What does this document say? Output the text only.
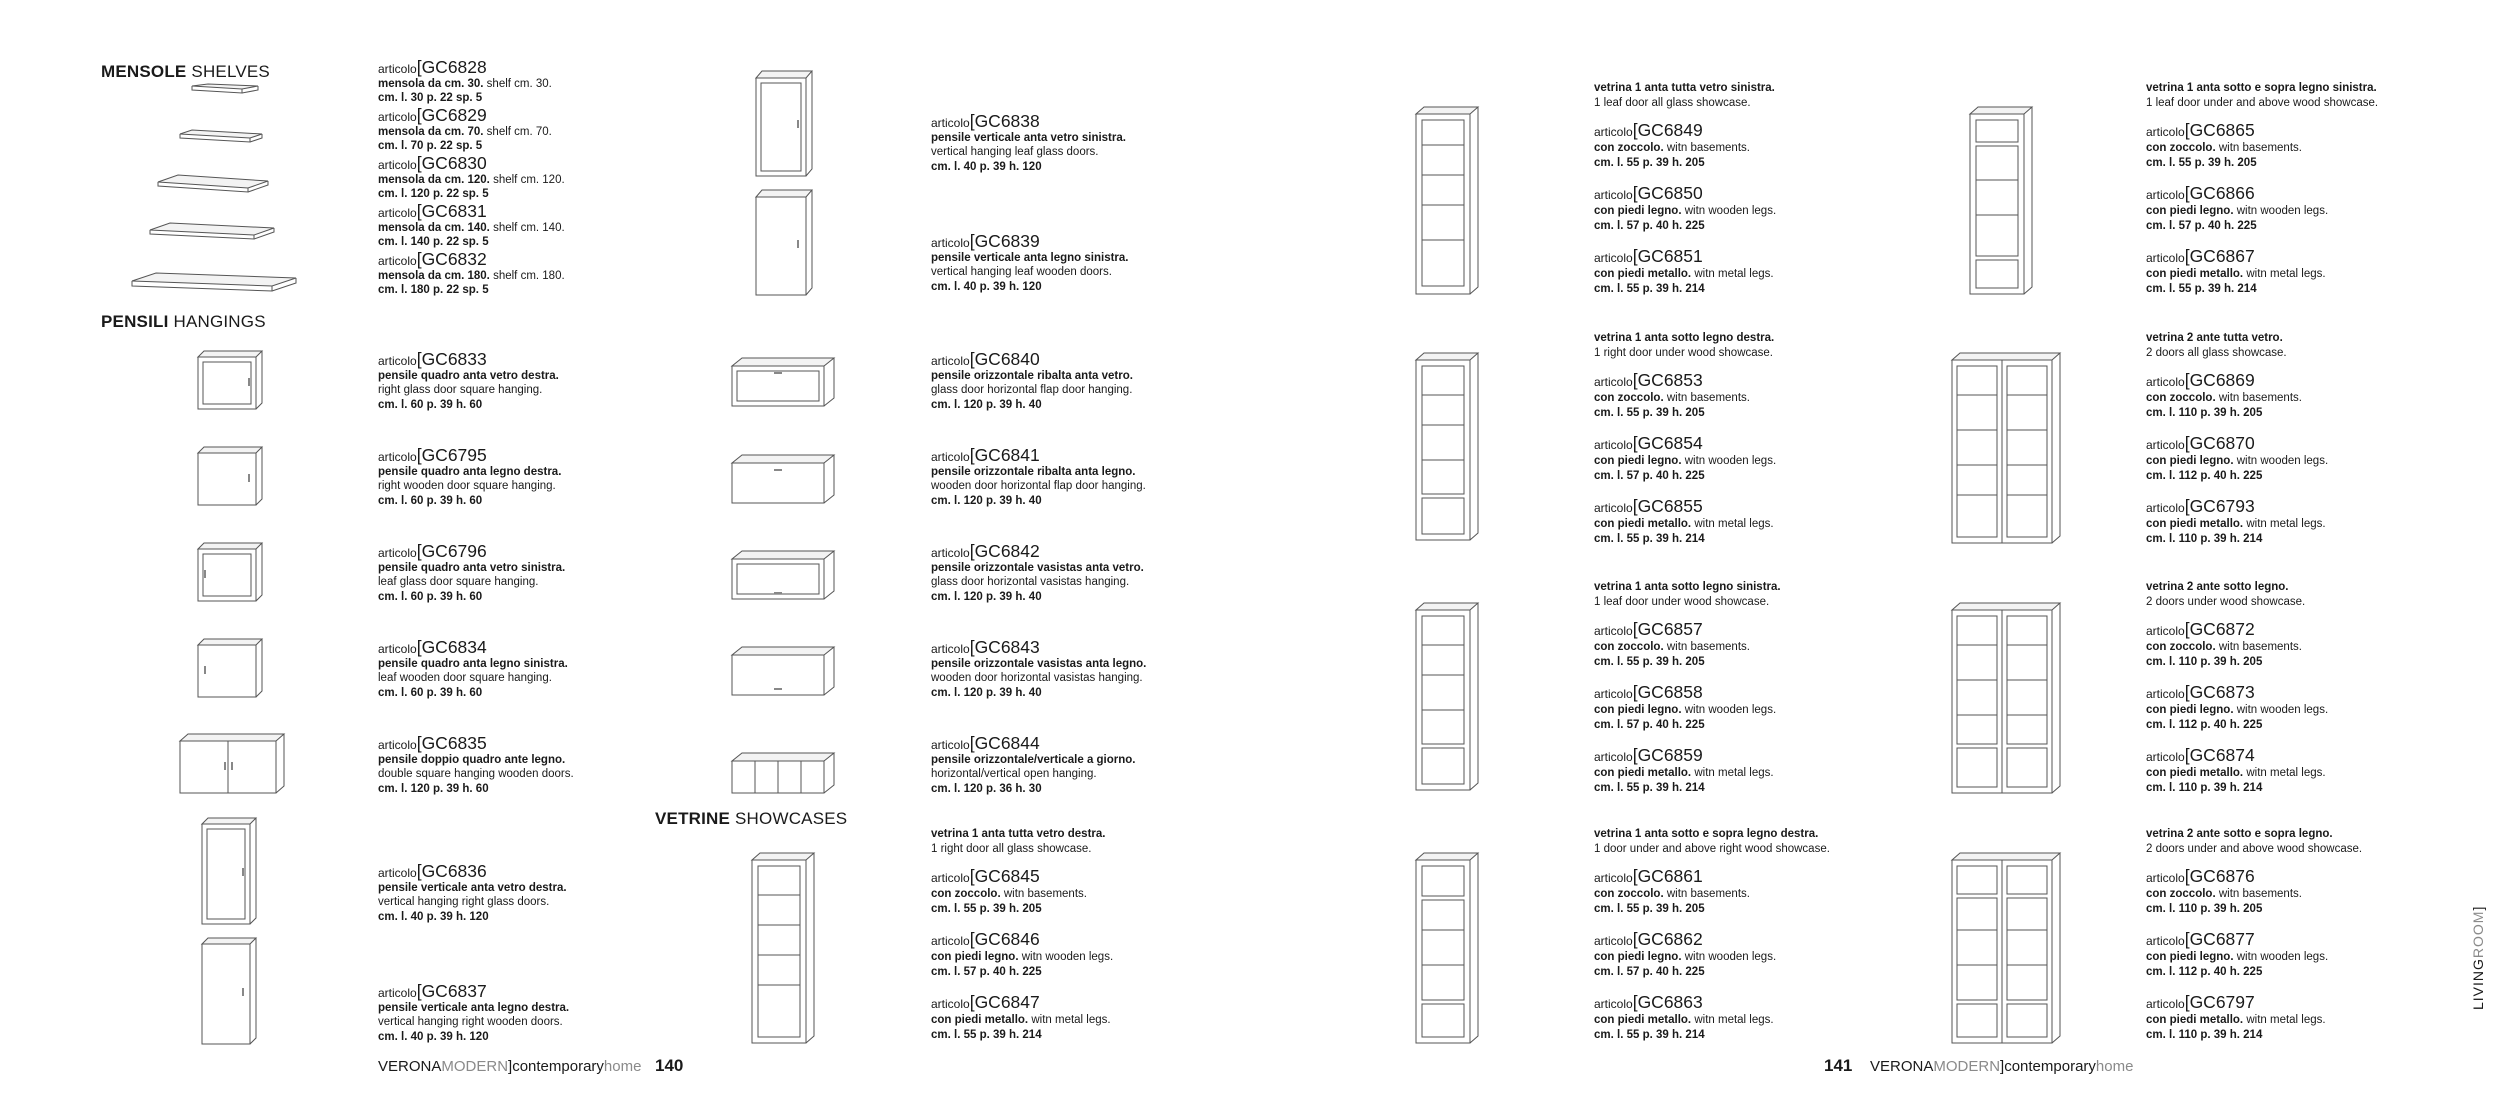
MENSOLE SHELVES
PENSILI HANGINGS
VETRINE SHOWCASES
articolo[GC6828
mensola da cm. 30. shelf cm. 30.
cm. l. 30 p. 22 sp. 5
articolo[GC6829
mensola da cm. 70. shelf cm. 70.
cm. l. 70 p. 22 sp. 5
articolo[GC6830
mensola da cm. 120. shelf cm. 120.
cm. l. 120 p. 22 sp. 5
articolo[GC6831
mensola da cm. 140. shelf cm. 140.
cm. l. 140 p. 22 sp. 5
articolo[GC6832
mensola da cm. 180. shelf cm. 180.
cm. l. 180 p. 22 sp. 5
articolo[GC6833
pensile quadro anta vetro destra.
right glass door square hanging.
cm. l. 60 p. 39 h. 60
articolo[GC6795
pensile quadro anta legno destra.
right wooden door square hanging.
cm. l. 60 p. 39 h. 60
articolo[GC6796
pensile quadro anta vetro sinistra.
leaf glass door square hanging.
cm. l. 60 p. 39 h. 60
articolo[GC6834
pensile quadro anta legno sinistra.
leaf wooden door square hanging.
cm. l. 60 p. 39 h. 60
articolo[GC6835
pensile doppio quadro ante legno.
double square hanging wooden doors.
cm. l. 120 p. 39 h. 60
articolo[GC6836
pensile verticale anta vetro destra.
vertical hanging right glass doors.
cm. l. 40 p. 39 h. 120
articolo[GC6837
pensile verticale anta legno destra.
vertical hanging right wooden doors.
cm. l. 40 p. 39 h. 120
articolo[GC6838
pensile verticale anta vetro sinistra.
vertical hanging leaf glass doors.
cm. l. 40 p. 39 h. 120
articolo[GC6839
pensile verticale anta legno sinistra.
vertical hanging leaf wooden doors.
cm. l. 40 p. 39 h. 120
articolo[GC6840
pensile orizzontale ribalta anta vetro.
glass door horizontal flap door hanging.
cm. l. 120 p. 39 h. 40
articolo[GC6841
pensile orizzontale ribalta anta legno.
wooden door horizontal flap door hanging.
cm. l. 120 p. 39 h. 40
articolo[GC6842
pensile orizzontale vasistas anta vetro.
glass door horizontal vasistas hanging.
cm. l. 120 p. 39 h. 40
articolo[GC6843
pensile orizzontale vasistas anta legno.
wooden door horizontal vasistas hanging.
cm. l. 120 p. 39 h. 40
articolo[GC6844
pensile orizzontale/verticale a giorno.
horizontal/vertical open hanging.
cm. l. 120 p. 36 h. 30
vetrina 1 anta tutta vetro destra.
1 right door all glass showcase.
articolo[GC6845
con zoccolo. witn basements.
cm. l. 55 p. 39 h. 205
articolo[GC6846
con piedi legno. witn wooden legs.
cm. l. 57 p. 40 h. 225
articolo[GC6847
con piedi metallo. witn metal legs.
cm. l. 55 p. 39 h. 214
vetrina 1 anta tutta vetro sinistra.
1 leaf door all glass showcase.
articolo[GC6849
con zoccolo. witn basements.
cm. l. 55 p. 39 h. 205
articolo[GC6850
con piedi legno. witn wooden legs.
cm. l. 57 p. 40 h. 225
articolo[GC6851
con piedi metallo. witn metal legs.
cm. l. 55 p. 39 h. 214
vetrina 1 anta sotto legno destra.
1 right door under wood showcase.
articolo[GC6853
con zoccolo. witn basements.
cm. l. 55 p. 39 h. 205
articolo[GC6854
con piedi legno. witn wooden legs.
cm. l. 57 p. 40 h. 225
articolo[GC6855
con piedi metallo. witn metal legs.
cm. l. 55 p. 39 h. 214
vetrina 1 anta sotto legno sinistra.
1 leaf door under wood showcase.
articolo[GC6857
con zoccolo. witn basements.
cm. l. 55 p. 39 h. 205
articolo[GC6858
con piedi legno. witn wooden legs.
cm. l. 57 p. 40 h. 225
articolo[GC6859
con piedi metallo. witn metal legs.
cm. l. 55 p. 39 h. 214
vetrina 1 anta sotto e sopra legno destra.
1 door under and above right wood showcase.
articolo[GC6861
con zoccolo. witn basements.
cm. l. 55 p. 39 h. 205
articolo[GC6862
con piedi legno. witn wooden legs.
cm. l. 57 p. 40 h. 225
articolo[GC6863
con piedi metallo. witn metal legs.
cm. l. 55 p. 39 h. 214
vetrina 1 anta sotto e sopra legno sinistra.
1 leaf door under and above wood showcase.
articolo[GC6865
con zoccolo. witn basements.
cm. l. 55 p. 39 h. 205
articolo[GC6866
con piedi legno. witn wooden legs.
cm. l. 57 p. 40 h. 225
articolo[GC6867
con piedi metallo. witn metal legs.
cm. l. 55 p. 39 h. 214
vetrina 2 ante tutta vetro.
2 doors all glass showcase.
articolo[GC6869
con zoccolo. witn basements.
cm. l. 110 p. 39 h. 205
articolo[GC6870
con piedi legno. witn wooden legs.
cm. l. 112 p. 40 h. 225
articolo[GC6793
con piedi metallo. witn metal legs.
cm. l. 110 p. 39 h. 214
vetrina 2 ante sotto legno.
2 doors under wood showcase.
articolo[GC6872
con zoccolo. witn basements.
cm. l. 110 p. 39 h. 205
articolo[GC6873
con piedi legno. witn wooden legs.
cm. l. 112 p. 40 h. 225
articolo[GC6874
con piedi metallo. witn metal legs.
cm. l. 110 p. 39 h. 214
vetrina 2 ante sotto e sopra legno.
2 doors under and above wood showcase.
articolo[GC6876
con zoccolo. witn basements.
cm. l. 110 p. 39 h. 205
articolo[GC6877
con piedi legno. witn wooden legs.
cm. l. 112 p. 40 h. 225
articolo[GC6797
con piedi metallo. witn metal legs.
cm. l. 110 p. 39 h. 214
VERONAMODERN]contemporaryhome 140	141 VERONAMODERN]contemporaryhome
LIVINGROOM]
